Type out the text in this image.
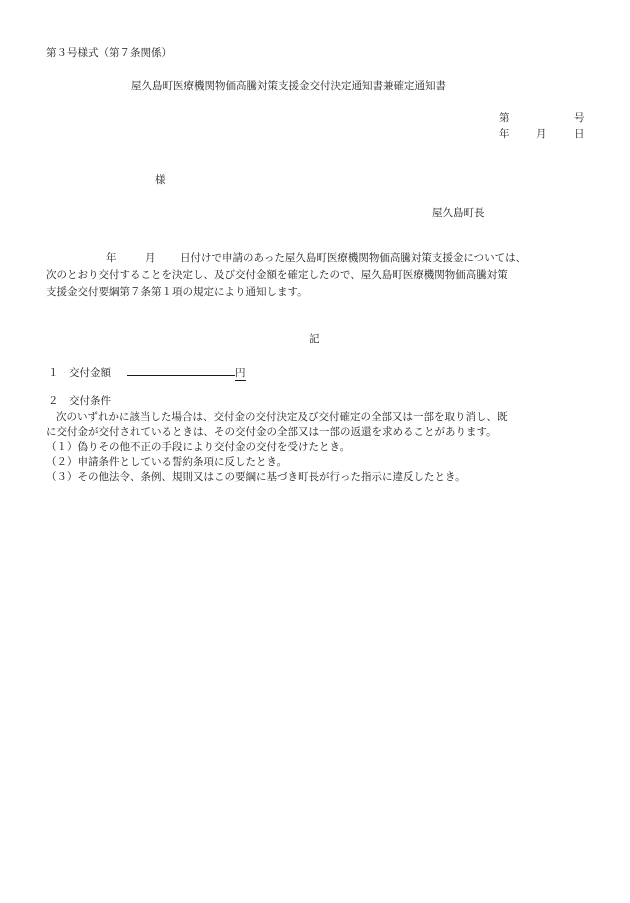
第３号様式（第７条関係）
屋久島町医療機関物価高騰対策支援金交付決定通知書兼確定通知書
第	号
年	月	日
様
屋久島町長
年	月 日付けで申請のあった屋久島町医療機関物価高騰対策支援金については、
次のとおり交付することを決定し、及び交付金額を確定したので、屋久島町医療機関物価高騰対策
支援金交付要綱第７条第１項の規定により通知します。
記
１　交付金額	円
２　交付条件
次のいずれかに該当した場合は、交付金の交付決定及び交付確定の全部又は一部を取り消し、既
に交付金が交付されているときは、その交付金の全部又は一部の返還を求めることがあります。
（１）偽りその他不正の手段により交付金の交付を受けたとき。
（２）申請条件としている誓約条項に反したとき。
（３）その他法令、条例、規則又はこの要綱に基づき町長が行った指示に違反したとき。
